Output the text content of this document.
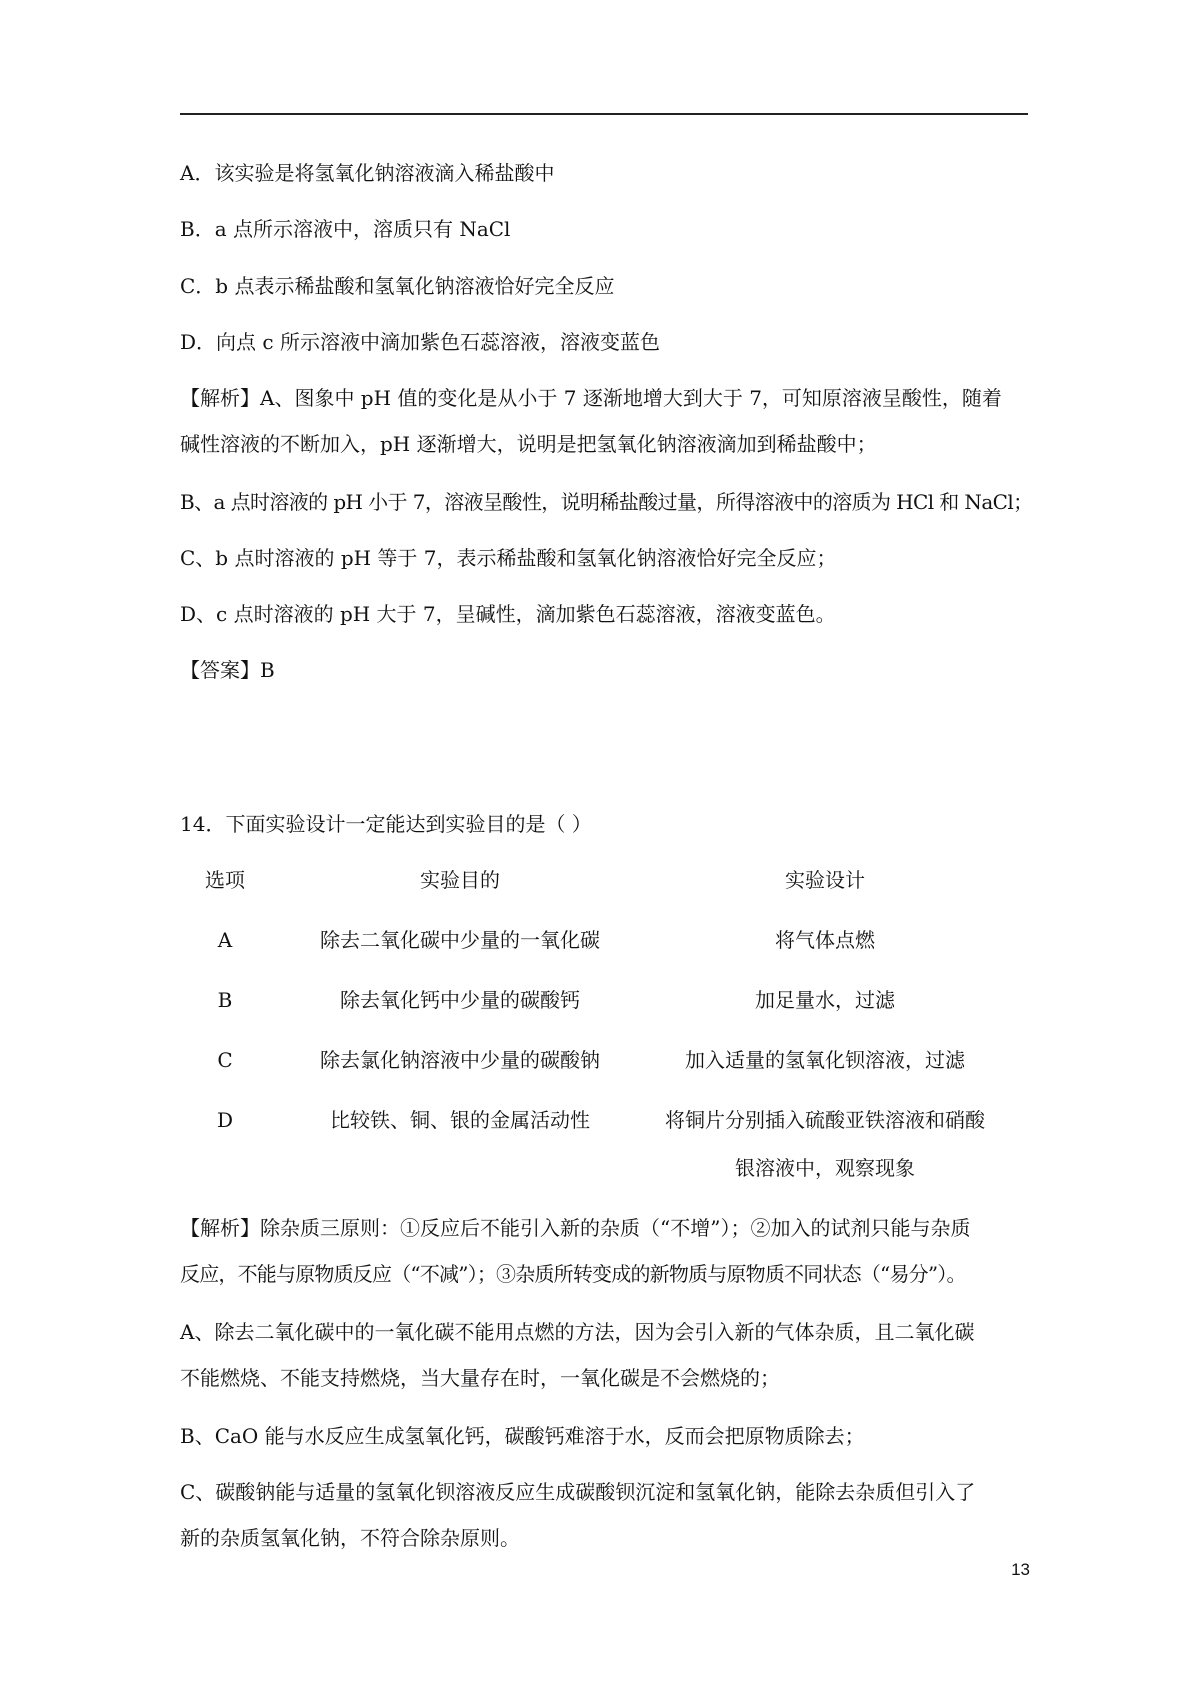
A．该实验是将氢氧化钠溶液滴入稀盐酸中
B．a 点所示溶液中，溶质只有 NaCl
C．b 点表示稀盐酸和氢氧化钠溶液恰好完全反应
D．向点 c 所示溶液中滴加紫色石蕊溶液，溶液变蓝色
【解析】A、图象中 pH 值的变化是从小于 7 逐渐地增大到大于 7，可知原溶液呈酸性，随着
碱性溶液的不断加入，pH 逐渐增大，说明是把氢氧化钠溶液滴加到稀盐酸中；
B、a 点时溶液的 pH 小于 7，溶液呈酸性，说明稀盐酸过量，所得溶液中的溶质为 HCl 和 NaCl；
C、b 点时溶液的 pH 等于 7，表示稀盐酸和氢氧化钠溶液恰好完全反应；
D、c 点时溶液的 pH 大于 7，呈碱性，滴加紫色石蕊溶液，溶液变蓝色。
【答案】B
14．下面实验设计一定能达到实验目的是（ ）
选项	实验目的	实验设计
A	除去二氧化碳中少量的一氧化碳	将气体点燃
B	除去氧化钙中少量的碳酸钙	加足量水，过滤
C	除去氯化钠溶液中少量的碳酸钠	加入适量的氢氧化钡溶液，过滤
D	比较铁、铜、银的金属活动性	将铜片分别插入硫酸亚铁溶液和硝酸
银溶液中，观察现象
【解析】除杂质三原则：①反应后不能引入新的杂质（“不增”）；②加入的试剂只能与杂质
反应，不能与原物质反应（“不减”）；③杂质所转变成的新物质与原物质不同状态（“易分”）。
A、除去二氧化碳中的一氧化碳不能用点燃的方法，因为会引入新的气体杂质，且二氧化碳
不能燃烧、不能支持燃烧，当大量存在时，一氧化碳是不会燃烧的；
B、CaO 能与水反应生成氢氧化钙，碳酸钙难溶于水，反而会把原物质除去；
C、碳酸钠能与适量的氢氧化钡溶液反应生成碳酸钡沉淀和氢氧化钠，能除去杂质但引入了
新的杂质氢氧化钠，不符合除杂原则。
13
